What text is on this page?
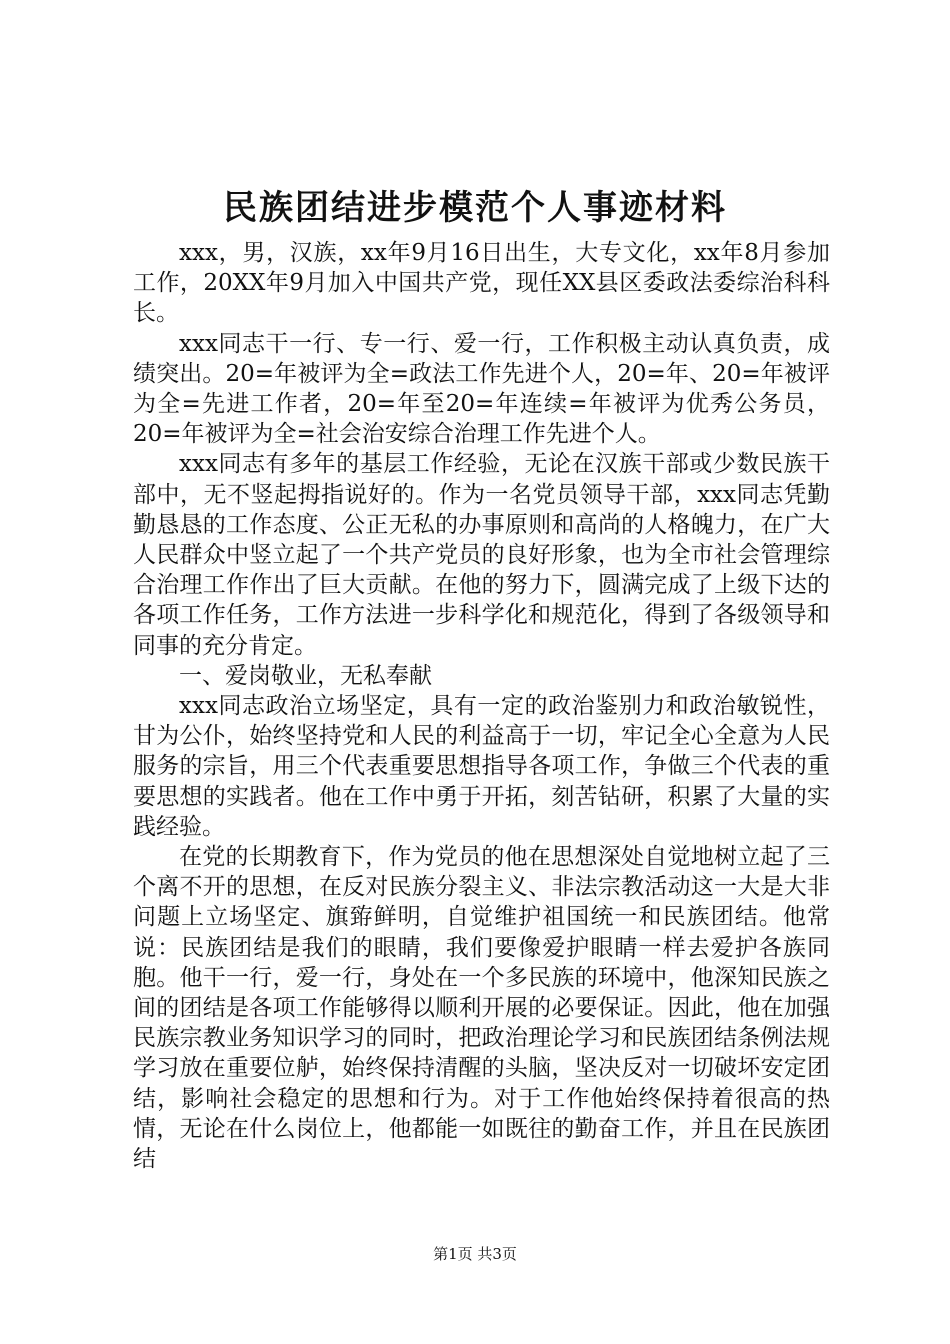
民族团结进步模范个人事迹材料

xxx，男，汉族，xx年9月16日出生，大专文化，xx年8月参加工作，20XX年9月加入中国共产党，现任XX县区委政法委综治科科长。

xxx同志干一行、专一行、爱一行，工作积极主动认真负责，成绩突出。20=年被评为全=政法工作先进个人，20=年、20=年被评为全=先进工作者，20=年至20=年连续=年被评为优秀公务员，20=年被评为全=社会治安综合治理工作先进个人。

xxx同志有多年的基层工作经验，无论在汉族干部或少数民族干部中，无不竖起拇指说好的。作为一名党员领导干部，xxx同志凭勤勤恳恳的工作态度、公正无私的办事原则和高尚的人格魄力，在广大人民群众中竖立起了一个共产党员的良好形象，也为全市社会管理综合治理工作作出了巨大贡献。在他的努力下，圆满完成了上级下达的各项工作任务，工作方法进一步科学化和规范化，得到了各级领导和同事的充分肯定。

一、爱岗敬业，无私奉献

xxx同志政治立场坚定，具有一定的政治鉴别力和政治敏锐性，甘为公仆，始终坚持党和人民的利益高于一切，牢记全心全意为人民服务的宗旨，用三个代表重要思想指导各项工作，争做三个代表的重要思想的实践者。他在工作中勇于开拓，刻苦钻研，积累了大量的实践经验。

在党的长期教育下，作为党员的他在思想深处自觉地树立起了三个离不开的思想，在反对民族分裂主义、非法宗教活动这一大是大非问题上立场坚定、旗臶鲜明，自觉维护祖国统一和民族团结。他常说：民族团结是我们的眼睛，我们要像爱护眼睛一样去爱护各族同胞。他干一行，爱一行，身处在一个多民族的环境中，他深知民族之间的团结是各项工作能够得以顺利开展的必要保证。因此，他在加强民族宗教业务知识学习的同时，把政治理论学习和民族团结条例法规学习放在重要位舻，始终保持清醒的头脑，坚决反对一切破坏安定团结，影响社会稳定的思想和行为。对于工作他始终保持着很高的热情，无论在什么岗位上，他都能一如既往的勤奋工作，并且在民族团结

第1页 共3页
